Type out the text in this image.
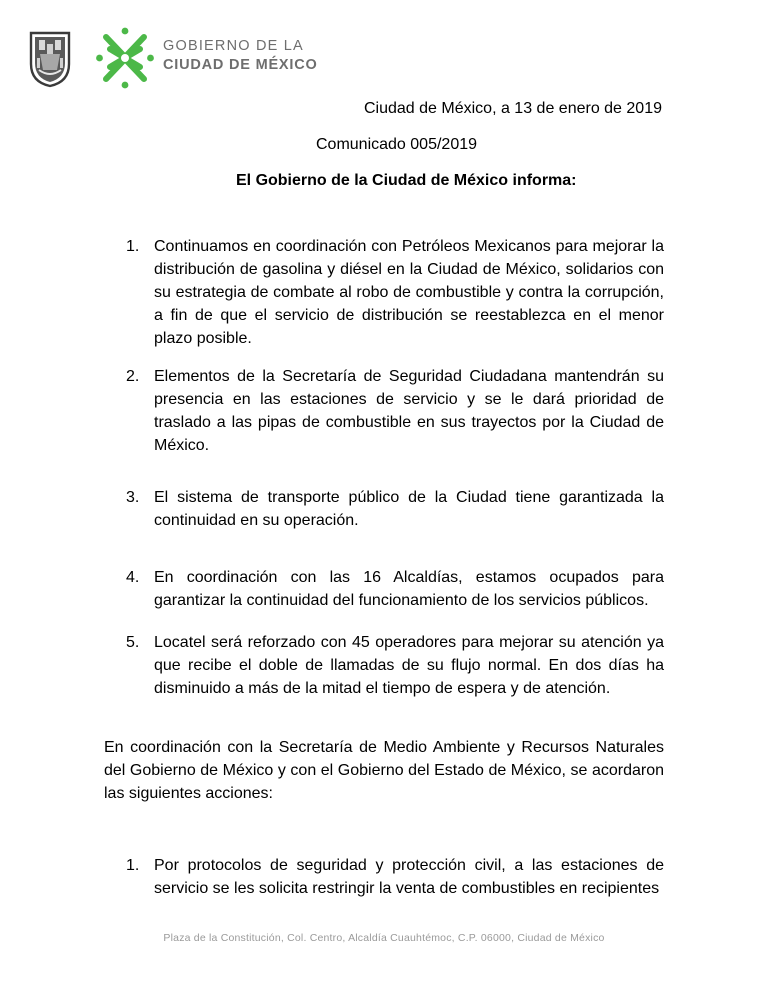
GOBIERNO DE LA
CIUDAD DE MÉXICO
Ciudad de México, a 13 de enero de 2019
Comunicado 005/2019
El Gobierno de la Ciudad de México informa:
1. Continuamos en coordinación con Petróleos Mexicanos para mejorar la distribución de gasolina y diésel en la Ciudad de México, solidarios con su estrategia de combate al robo de combustible y contra la corrupción, a fin de que el servicio de distribución se reestablezca en el menor plazo posible.
2. Elementos de la Secretaría de Seguridad Ciudadana mantendrán su presencia en las estaciones de servicio y se le dará prioridad de traslado a las pipas de combustible en sus trayectos por la Ciudad de México.
3. El sistema de transporte público de la Ciudad tiene garantizada la continuidad en su operación.
4. En coordinación con las 16 Alcaldías, estamos ocupados para garantizar la continuidad del funcionamiento de los servicios públicos.
5. Locatel será reforzado con 45 operadores para mejorar su atención ya que recibe el doble de llamadas de su flujo normal. En dos días ha disminuido a más de la mitad el tiempo de espera y de atención.
En coordinación con la Secretaría de Medio Ambiente y Recursos Naturales del Gobierno de México y con el Gobierno del Estado de México, se acordaron las siguientes acciones:
1. Por protocolos de seguridad y protección civil, a las estaciones de servicio se les solicita restringir la venta de combustibles en recipientes
Plaza de la Constitución, Col. Centro, Alcaldía Cuauhtémoc, C.P. 06000, Ciudad de México
